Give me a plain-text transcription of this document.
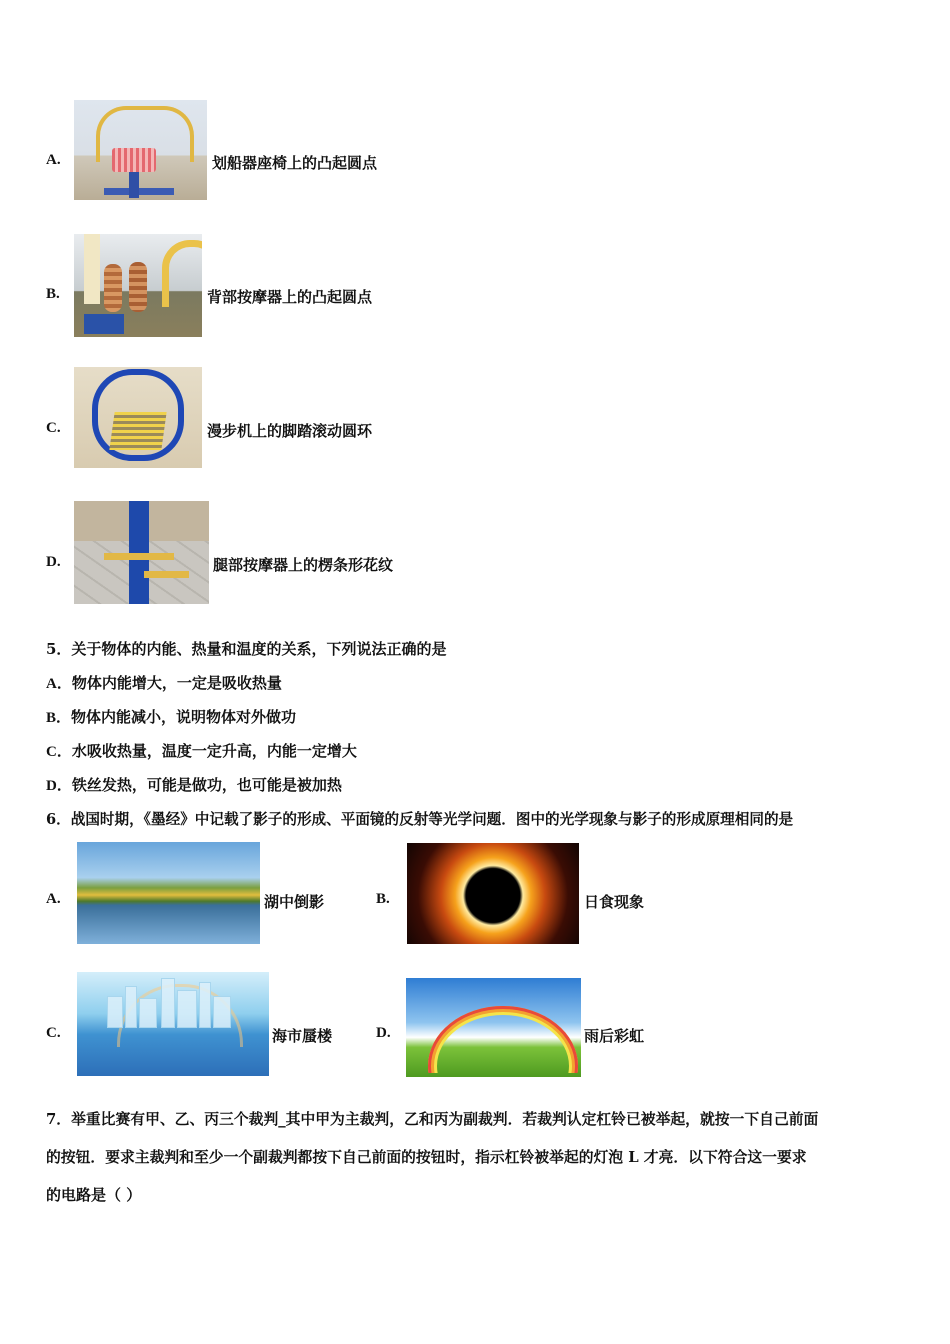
A.	划船器座椅上的凸起圆点
B.	背部按摩器上的凸起圆点
C.	漫步机上的脚踏滚动圆环
D.	腿部按摩器上的楞条形花纹
5．关于物体的内能、热量和温度的关系，下列说法正确的是
A．物体内能增大，一定是吸收热量
B．物体内能减小，说明物体对外做功
C．水吸收热量，温度一定升高，内能一定增大
D．铁丝发热，可能是做功，也可能是被加热
6．战国时期，《墨经》中记载了影子的形成、平面镜的反射等光学问题．图中的光学现象与影子的形成原理相同的是
A.	湖中倒影	B.	日食现象
C.	海市蜃楼	D.	雨后彩虹
7．举重比赛有甲、乙、丙三个裁判_其中甲为主裁判，乙和丙为副裁判．若裁判认定杠铃已被举起，就按一下自己前面
的按钮．要求主裁判和至少一个副裁判都按下自己前面的按钮时，指示杠铃被举起的灯泡 L 才亮．以下符合这一要求
的电路是（ ）
